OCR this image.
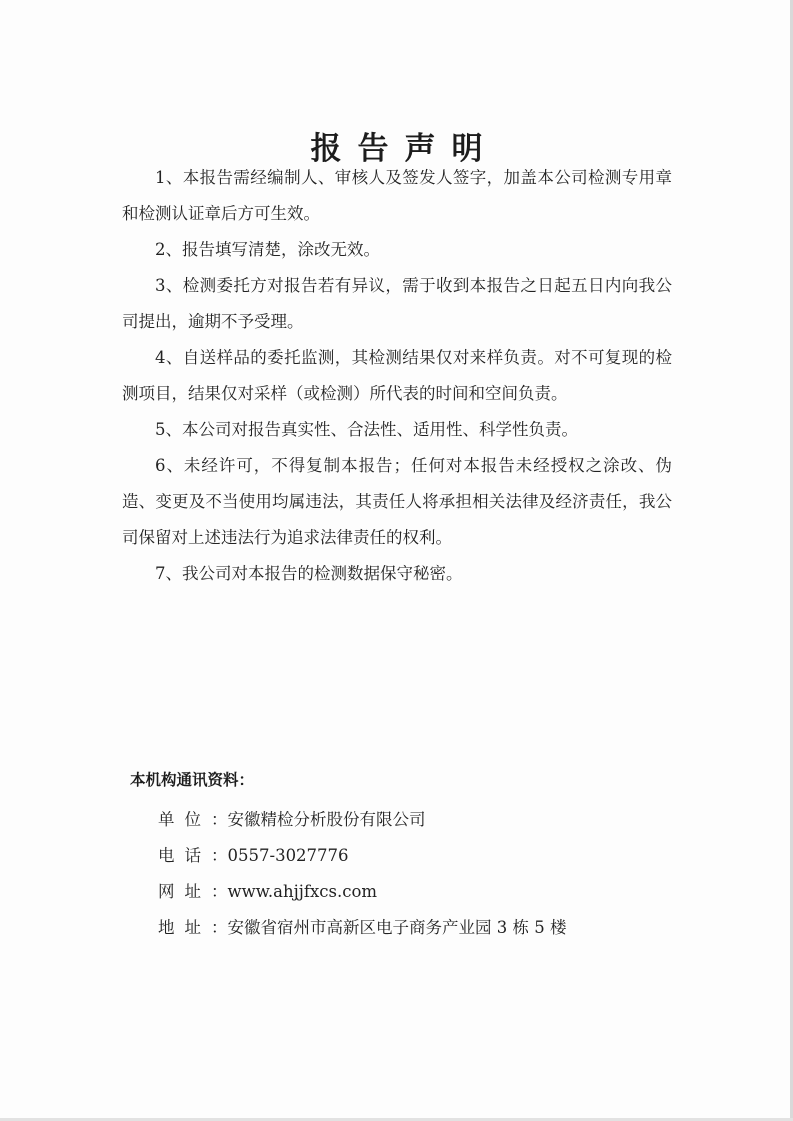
报告声明
1、本报告需经编制人、审核人及签发人签字，加盖本公司检测专用章和检测认证章后方可生效。
2、报告填写清楚，涂改无效。
3、检测委托方对报告若有异议，需于收到本报告之日起五日内向我公司提出，逾期不予受理。
4、自送样品的委托监测，其检测结果仅对来样负责。对不可复现的检测项目，结果仅对采样（或检测）所代表的时间和空间负责。
5、本公司对报告真实性、合法性、适用性、科学性负责。
6、未经许可，不得复制本报告；任何对本报告未经授权之涂改、伪造、变更及不当使用均属违法，其责任人将承担相关法律及经济责任，我公司保留对上述违法行为追求法律责任的权利。
7、我公司对本报告的检测数据保守秘密。
本机构通讯资料：
单位：安徽精检分析股份有限公司
电话：0557-3027776
网址：www.ahjjfxcs.com
地址：安徽省宿州市高新区电子商务产业园 3 栋 5 楼
